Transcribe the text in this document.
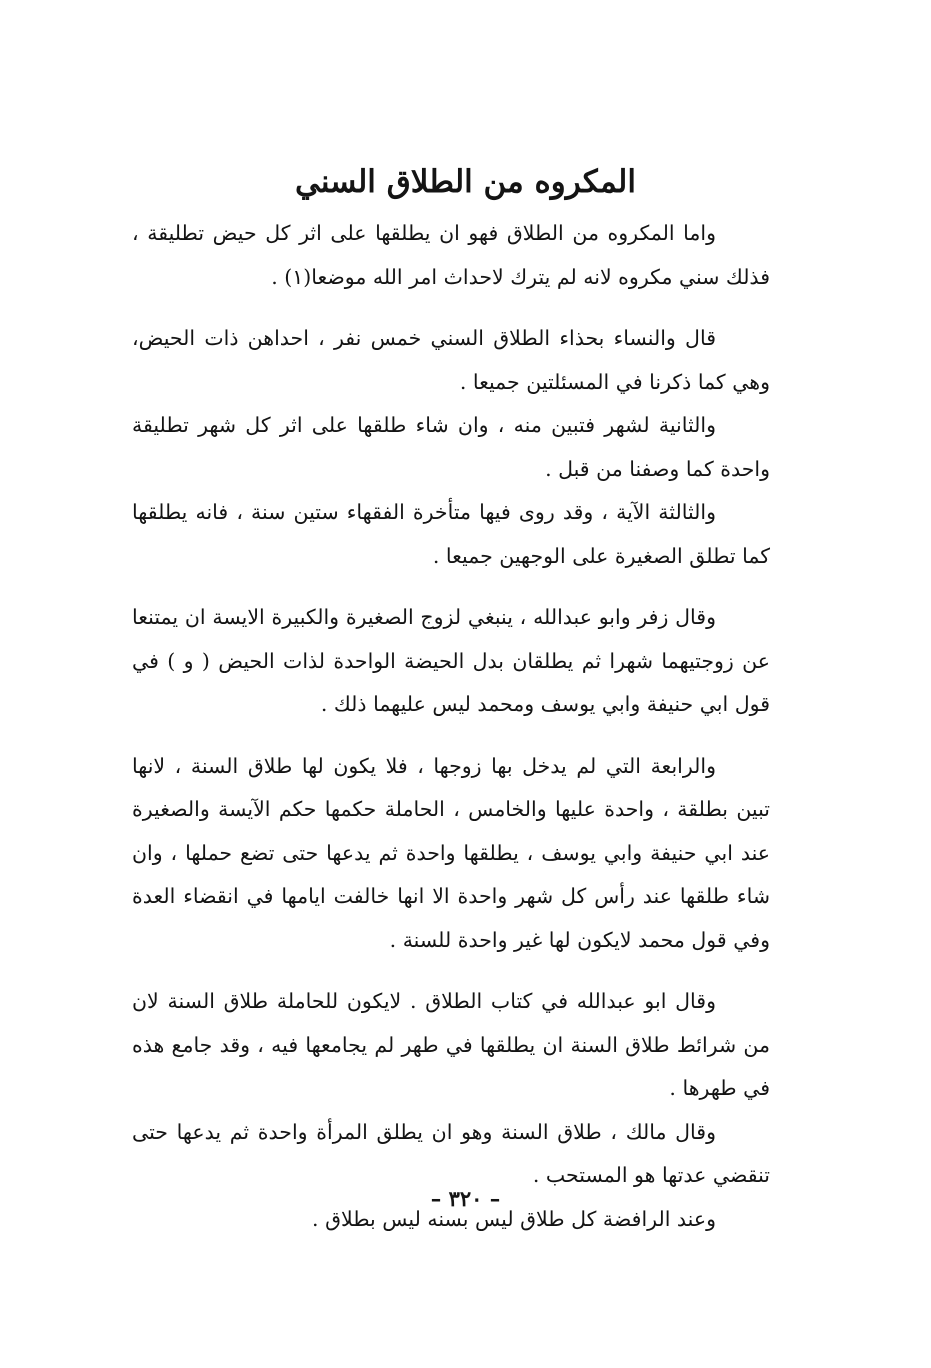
المكروه من الطلاق السني

واما المكروه من الطلاق فهو ان يطلقها على اثر كل حيض تطليقة ، فذلك سني مكروه لانه لم يترك لاحداث امر الله موضعا(١) .

قال والنساء بحذاء الطلاق السني خمس نفر ، احداهن ذات الحيض، وهي كما ذكرنا في المسئلتين جميعا .

والثانية لشهر فتبين منه ، وان شاء طلقها على اثر كل شهر تطليقة واحدة كما وصفنا من قبل .

والثالثة الآية ، وقد روى فيها متأخرة الفقهاء ستين سنة ، فانه يطلقها كما تطلق الصغيرة على الوجهين جميعا .

وقال زفر وابو عبدالله ، ينبغي لزوج الصغيرة والكبيرة الايسة ان يمتنعا عن زوجتيهما شهرا ثم يطلقان بدل الحيضة الواحدة لذات الحيض ( و ) في قول ابي حنيفة وابي يوسف ومحمد ليس عليهما ذلك .

والرابعة التي لم يدخل بها زوجها ، فلا يكون لها طلاق السنة ، لانها تبين بطلقة ، واحدة عليها والخامس ، الحاملة حكمها حكم الآيسة والصغيرة عند ابي حنيفة وابي يوسف ، يطلقها واحدة ثم يدعها حتى تضع حملها ، وان شاء طلقها عند رأس كل شهر واحدة الا انها خالفت ايامها في انقضاء العدة وفي قول محمد لايكون لها غير واحدة للسنة .

وقال ابو عبدالله في كتاب الطلاق . لايكون للحاملة طلاق السنة لان من شرائط طلاق السنة ان يطلقها في طهر لم يجامعها فيه ، وقد جامع هذه في طهرها .

وقال مالك ، طلاق السنة وهو ان يطلق المرأة واحدة ثم يدعها حتى تنقضي عدتها هو المستحب .

وعند الرافضة كل طلاق ليس بسنه ليس بطلاق .

– ٣٢٠ –
